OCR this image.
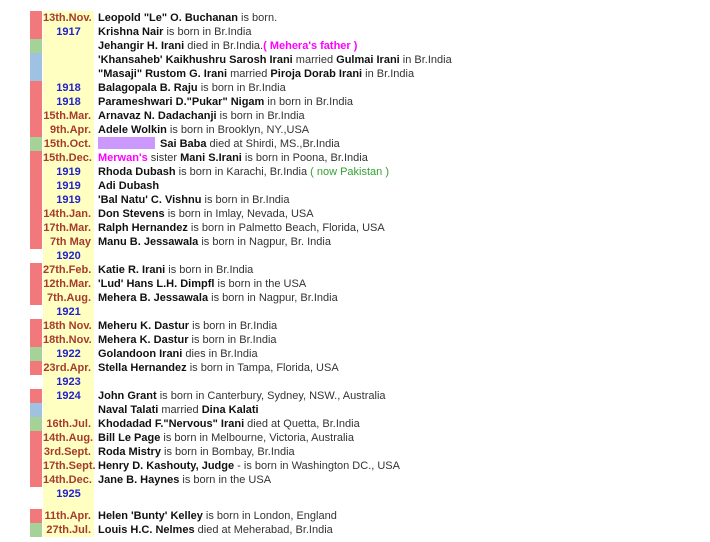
13th.Nov. Leopold "Le" O. Buchanan is born.
1917	Krishna Nair is born in Br.India
Jehangir H. Irani died in Br.India.( Mehera's father )
'Khansaheb' Kaikhushru Sarosh Irani married Gulmai Irani in Br.India
"Masaji" Rustom G. Irani married Piroja Dorab Irani in Br.India
1918	Balagopala B. Raju is born in Br.India
1918	Parameshwari D."Pukar" Nigam in born in Br.India
15th.Mar. Arnavaz N. Dadachanji is born in Br.India
9th.Apr. Adele Wolkin is born in Brooklyn, NY.,USA
15th.Oct.	Sai Baba died at Shirdi, MS.,Br.India
15th.Dec. Merwan's sister Mani S.Irani is born in Poona, Br.India
1919	Rhoda Dubash is born in Karachi, Br.India ( now Pakistan )
1919	Adi Dubash
1919	'Bal Natu' C. Vishnu is born in Br.India
14th.Jan. Don Stevens is born in Imlay, Nevada, USA
17th.Mar. Ralph Hernandez is born in Palmetto Beach, Florida, USA
7th May Manu B. Jessawala is born in Nagpur, Br. India
1920
27th.Feb. Katie R. Irani is born in Br.India
12th.Mar. 'Lud' Hans L.H. Dimpfl is born in the USA
7th.Aug. Mehera B. Jessawala is born in Nagpur, Br.India
1921
18th Nov. Meheru K. Dastur is born in Br.India
18th.Nov. Mehera K. Dastur is born in Br.India
1922	Golandoon Irani dies in Br.India
23rd.Apr. Stella Hernandez is born in Tampa, Florida, USA
1923
1924	John Grant is born in Canterbury, Sydney, NSW., Australia
Naval Talati married Dina Kalati
16th.Jul. Khodadad F."Nervous" Irani died at Quetta, Br.India
14th.Aug. Bill Le Page is born in Melbourne, Victoria, Australia
3rd.Sept. Roda Mistry is born in Bombay, Br.India
17th.Sept. Henry D. Kashouty, Judge - is born in Washington DC., USA
14th.Dec. Jane B. Haynes is born in the USA
1925
11th.Apr. Helen 'Bunty' Kelley is born in London, England
27th.Jul. Louis H.C. Nelmes died at Meherabad, Br.India
